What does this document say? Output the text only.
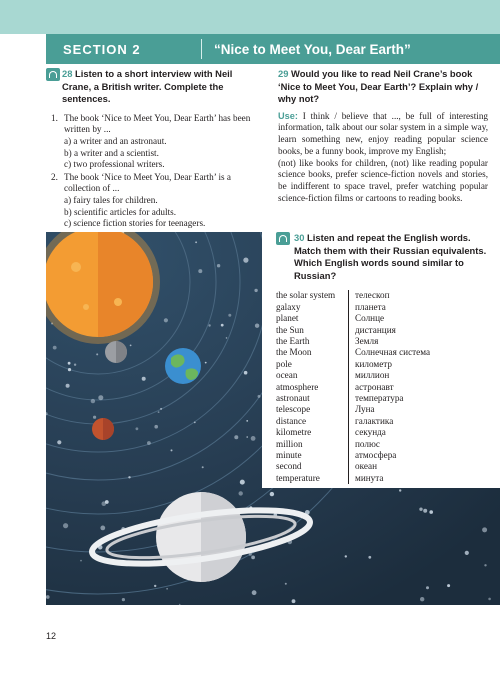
SECTION 2	“Nice to Meet You, Dear Earth”
28 Listen to a short interview with Neil Crane, a British writer. Complete the sentences.
1. The book ‘Nice to Meet You, Dear Earth’ has been written by ...
a) a writer and an astronaut.
b) a writer and a scientist.
c) two professional writers.
2. The book ‘Nice to Meet You, Dear Earth’ is a collection of ...
a) fairy tales for children.
b) scientific articles for adults.
c) science fiction stories for teenagers.
29 Would you like to read Neil Crane’s book ‘Nice to Meet You, Dear Earth’? Explain why / why not?
Use: I think / believe that ..., be full of interesting information, talk about our solar system in a simple way, learn something new, enjoy reading popular science books, be a funny book, improve my English;
(not) like books for children, (not) like reading popular science books, prefer science-fiction novels and stories, be indifferent to space travel, prefer watching popular science-fiction films or cartoons to reading books.
30 Listen and repeat the English words. Match them with their Russian equivalents. Which English words sound similar to Russian?
the solar system
galaxy
planet
the Sun
the Earth
the Moon
pole
ocean
atmosphere
astronaut
telescope
distance
kilometre
million
minute
second
temperature
телескоп
планета
Солнце
дистанция
Земля
Солнечная система
километр
миллион
астронавт
температура
Луна
галактика
секунда
полюс
атмосфера
океан
минута
12
